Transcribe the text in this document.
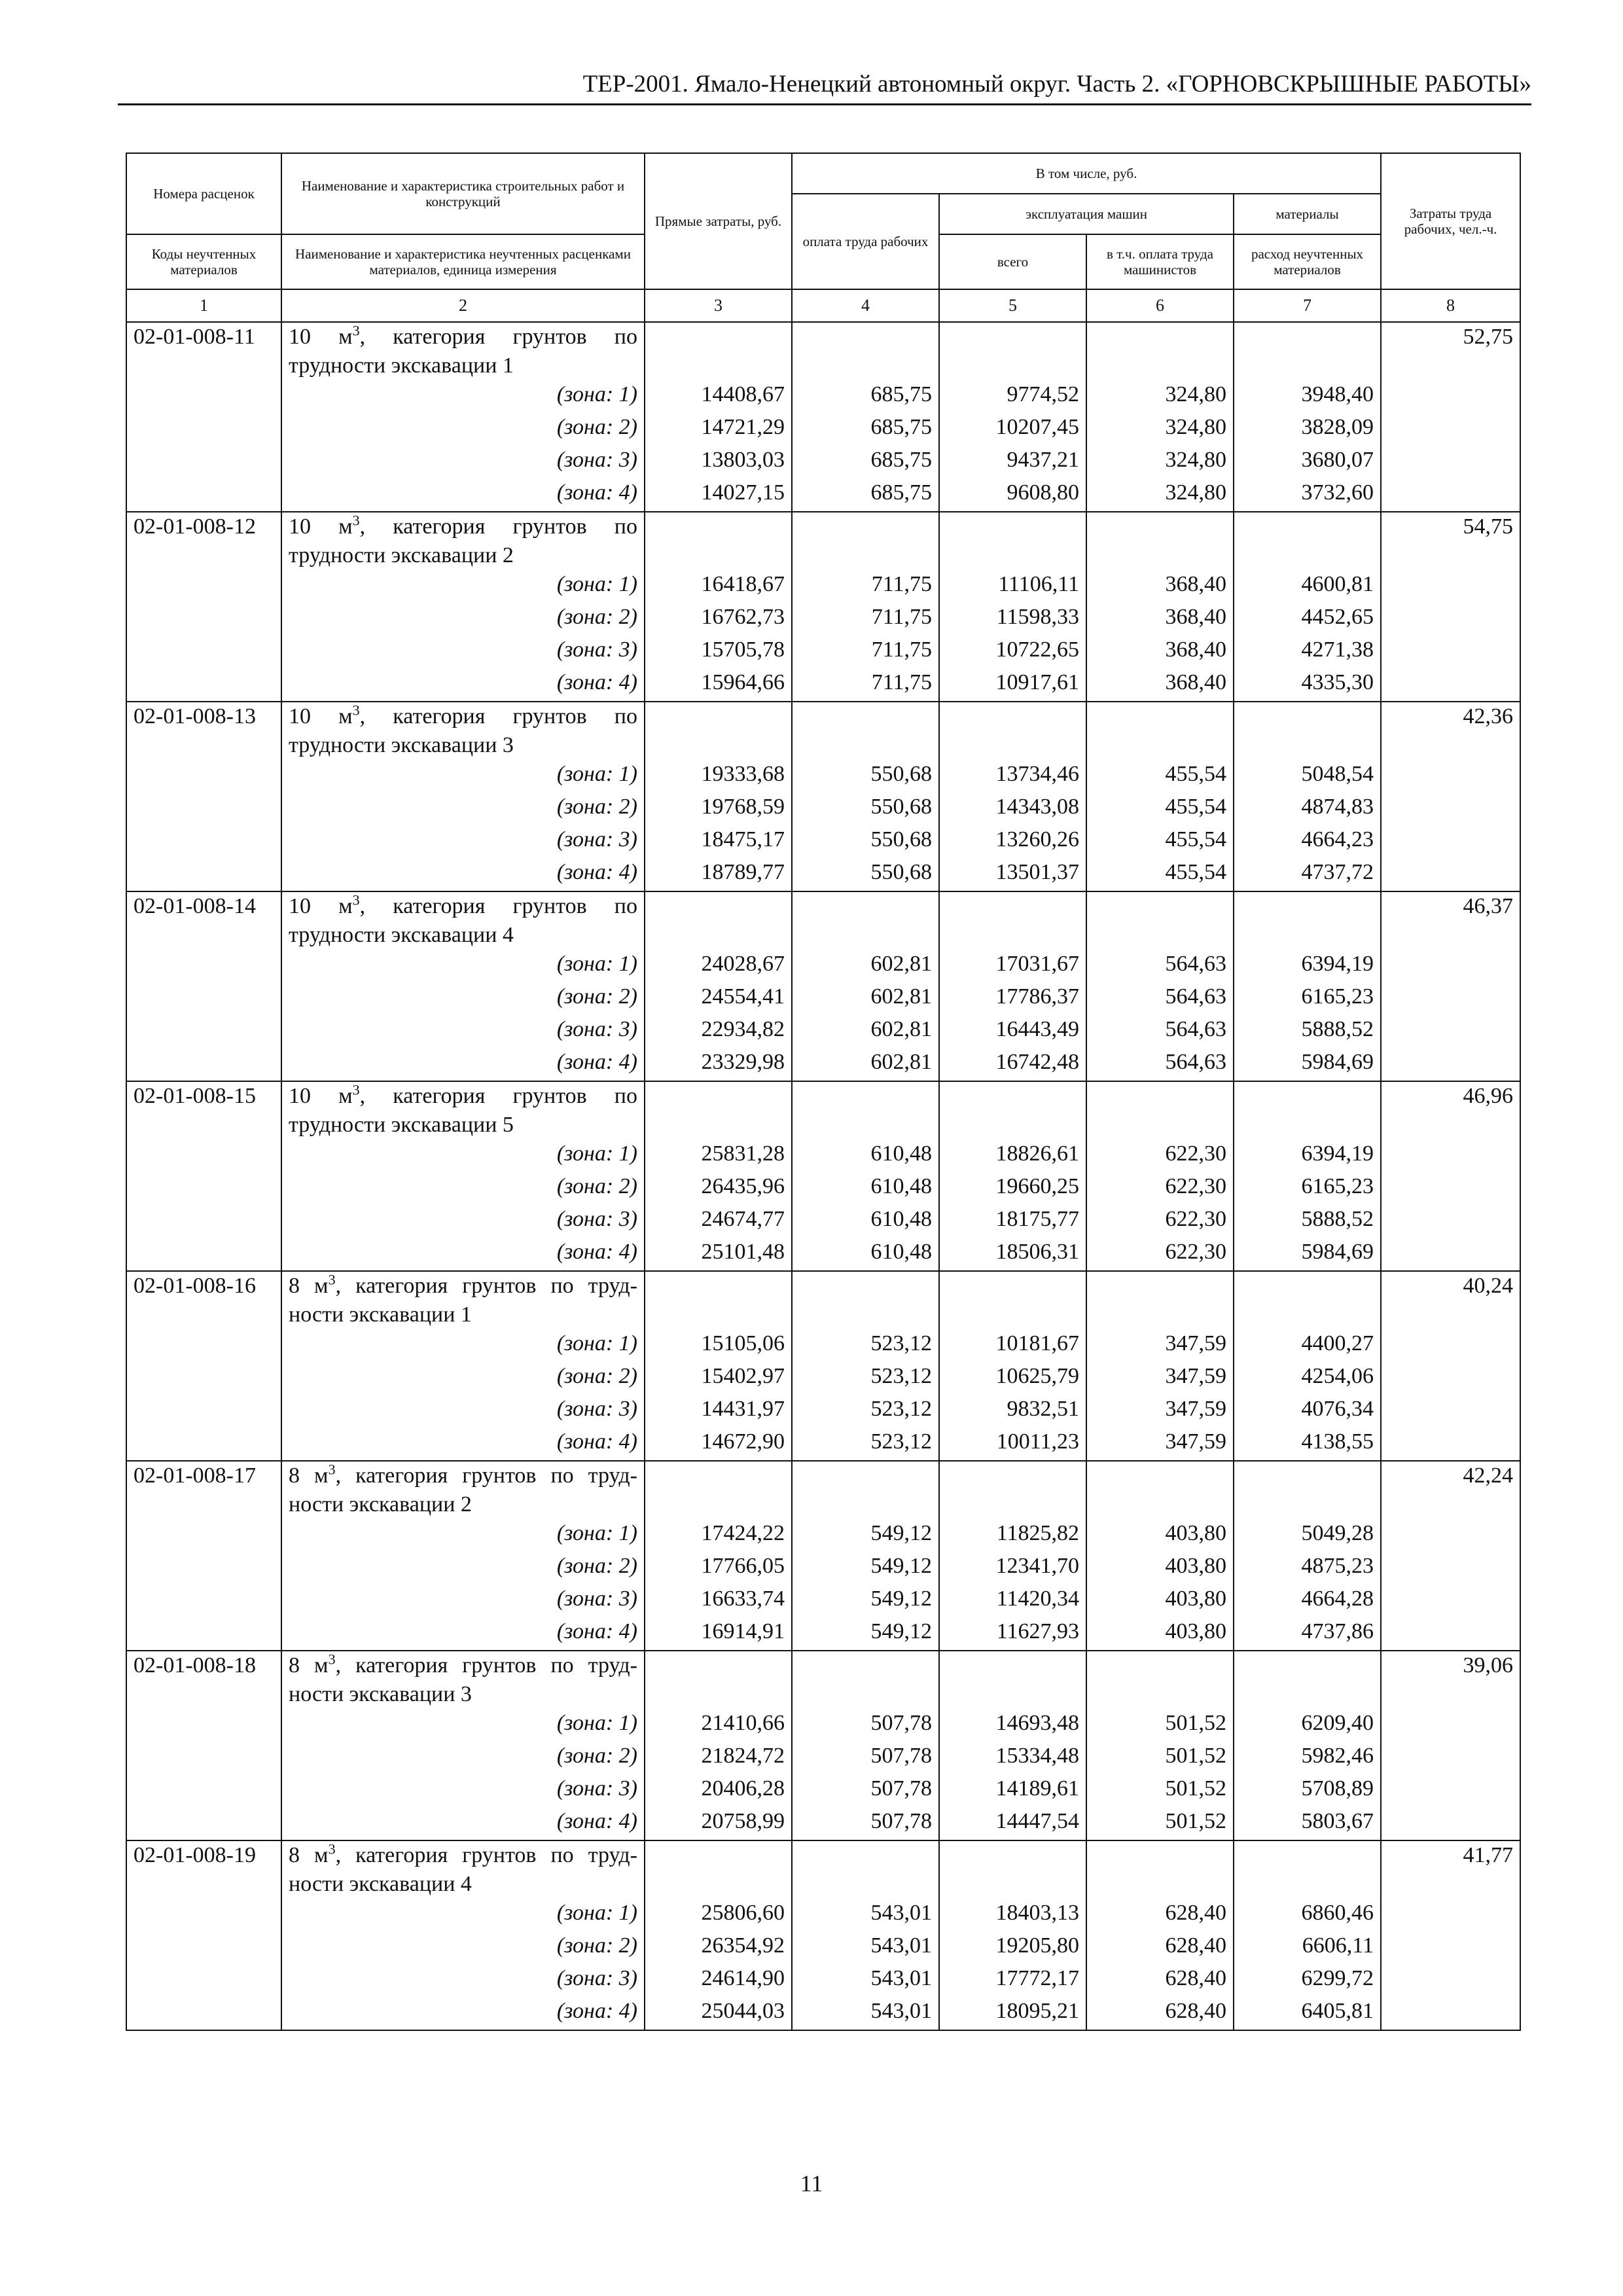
ТЕР-2001. Ямало-Ненецкий автономный округ. Часть 2. «ГОРНОВСКРЫШНЫЕ РАБОТЫ»
Номера расценок	Наименование и характеристика строительных работ и конструкций	Прямые затраты, руб.	В том числе, руб.				Затраты труда рабочих, чел.-ч.
			оплата труда рабочих	эксплуатация машин		материалы	
Коды неучтенных материалов	Наименование и характеристика неучтенных расценками материалов, единица измерения			всего	в т.ч. оплата труда машинистов	расход неучтенных материалов	
1	2	3	4	5	6	7	8
02-01-008-11	10 $м^3$, категория грунтов по трудности экскавации 1						52,75
	(зона: 1)	14408,67	685,75	9774,52	324,80	3948,40	
	(зона: 2)	14721,29	685,75	10207,45	324,80	3828,09	
	(зона: 3)	13803,03	685,75	9437,21	324,80	3680,07	
	(зона: 4)	14027,15	685,75	9608,80	324,80	3732,60	
02-01-008-12	10 $м^3$, категория грунтов по трудности экскавации 2						54,75
	(зона: 1)	16418,67	711,75	11106,11	368,40	4600,81	
	(зона: 2)	16762,73	711,75	11598,33	368,40	4452,65	
	(зона: 3)	15705,78	711,75	10722,65	368,40	4271,38	
	(зона: 4)	15964,66	711,75	10917,61	368,40	4335,30	
02-01-008-13	10 $м^3$, категория грунтов по трудности экскавации 3						42,36
	(зона: 1)	19333,68	550,68	13734,46	455,54	5048,54	
	(зона: 2)	19768,59	550,68	14343,08	455,54	4874,83	
	(зона: 3)	18475,17	550,68	13260,26	455,54	4664,23	
	(зона: 4)	18789,77	550,68	13501,37	455,54	4737,72	
02-01-008-14	10 $м^3$, категория грунтов по трудности экскавации 4						46,37
	(зона: 1)	24028,67	602,81	17031,67	564,63	6394,19	
	(зона: 2)	24554,41	602,81	17786,37	564,63	6165,23	
	(зона: 3)	22934,82	602,81	16443,49	564,63	5888,52	
	(зона: 4)	23329,98	602,81	16742,48	564,63	5984,69	
02-01-008-15	10 $м^3$, категория грунтов по трудности экскавации 5						46,96
	(зона: 1)	25831,28	610,48	18826,61	622,30	6394,19	
	(зона: 2)	26435,96	610,48	19660,25	622,30	6165,23	
	(зона: 3)	24674,77	610,48	18175,77	622,30	5888,52	
	(зона: 4)	25101,48	610,48	18506,31	622,30	5984,69	
02-01-008-16	8 $м^3$, категория грунтов по трудности экскавации 1						40,24
	(зона: 1)	15105,06	523,12	10181,67	347,59	4400,27	
	(зона: 2)	15402,97	523,12	10625,79	347,59	4254,06	
	(зона: 3)	14431,97	523,12	9832,51	347,59	4076,34	
	(зона: 4)	14672,90	523,12	10011,23	347,59	4138,55	
02-01-008-17	8 $м^3$, категория грунтов по трудности экскавации 2						42,24
	(зона: 1)	17424,22	549,12	11825,82	403,80	5049,28	
	(зона: 2)	17766,05	549,12	12341,70	403,80	4875,23	
	(зона: 3)	16633,74	549,12	11420,34	403,80	4664,28	
	(зона: 4)	16914,91	549,12	11627,93	403,80	4737,86	
02-01-008-18	8 $м^3$, категория грунтов по трудности экскавации 3						39,06
	(зона: 1)	21410,66	507,78	14693,48	501,52	6209,40	
	(зона: 2)	21824,72	507,78	15334,48	501,52	5982,46	
	(зона: 3)	20406,28	507,78	14189,61	501,52	5708,89	
	(зона: 4)	20758,99	507,78	14447,54	501,52	5803,67	
02-01-008-19	8 $м^3$, категория грунтов по трудности экскавации 4						41,77
	(зона: 1)	25806,60	543,01	18403,13	628,40	6860,46	
	(зона: 2)	26354,92	543,01	19205,80	628,40	6606,11	
	(зона: 3)	24614,90	543,01	17772,17	628,40	6299,72	
	(зона: 4)	25044,03	543,01	18095,21	628,40	6405,81	
11
